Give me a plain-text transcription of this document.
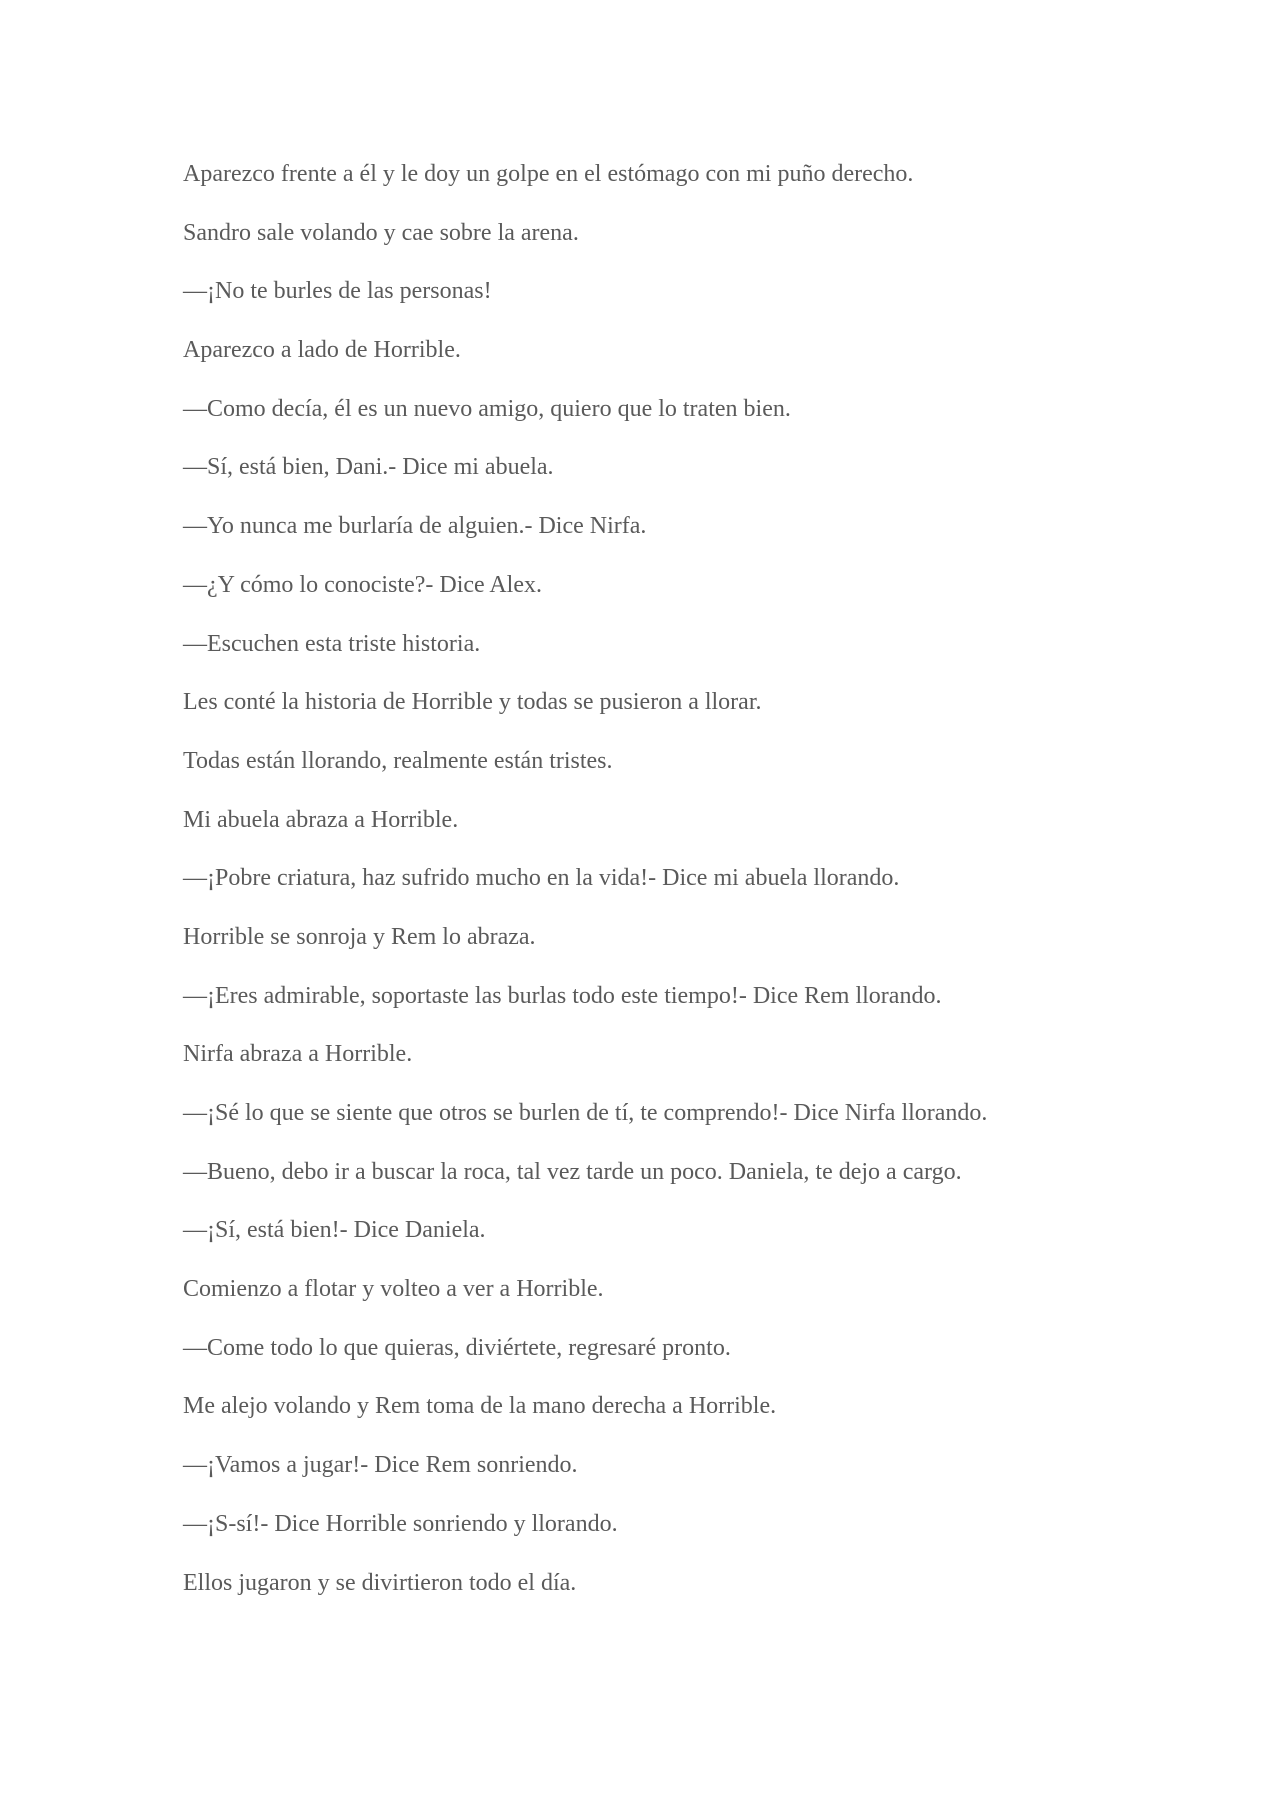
Aparezco frente a él y le doy un golpe en el estómago con mi puño derecho.

Sandro sale volando y cae sobre la arena.

—¡No te burles de las personas!

Aparezco a lado de Horrible.

—Como decía, él es un nuevo amigo, quiero que lo traten bien.

—Sí, está bien, Dani.- Dice mi abuela.

—Yo nunca me burlaría de alguien.- Dice Nirfa.

—¿Y cómo lo conociste?- Dice Alex.

—Escuchen esta triste historia.

Les conté la historia de Horrible y todas se pusieron a llorar.

Todas están llorando, realmente están tristes.

Mi abuela abraza a Horrible.

—¡Pobre criatura, haz sufrido mucho en la vida!- Dice mi abuela llorando.

Horrible se sonroja y Rem lo abraza.

—¡Eres admirable, soportaste las burlas todo este tiempo!- Dice Rem llorando.

Nirfa abraza a Horrible.

—¡Sé lo que se siente que otros se burlen de tí, te comprendo!- Dice Nirfa llorando.

—Bueno, debo ir a buscar la roca, tal vez tarde un poco. Daniela, te dejo a cargo.

—¡Sí, está bien!- Dice Daniela.

Comienzo a flotar y volteo a ver a Horrible.

—Come todo lo que quieras, diviértete, regresaré pronto.

Me alejo volando y Rem toma de la mano derecha a Horrible.

—¡Vamos a jugar!- Dice Rem sonriendo.

—¡S-sí!- Dice Horrible sonriendo y llorando.

Ellos jugaron y se divirtieron todo el día.
